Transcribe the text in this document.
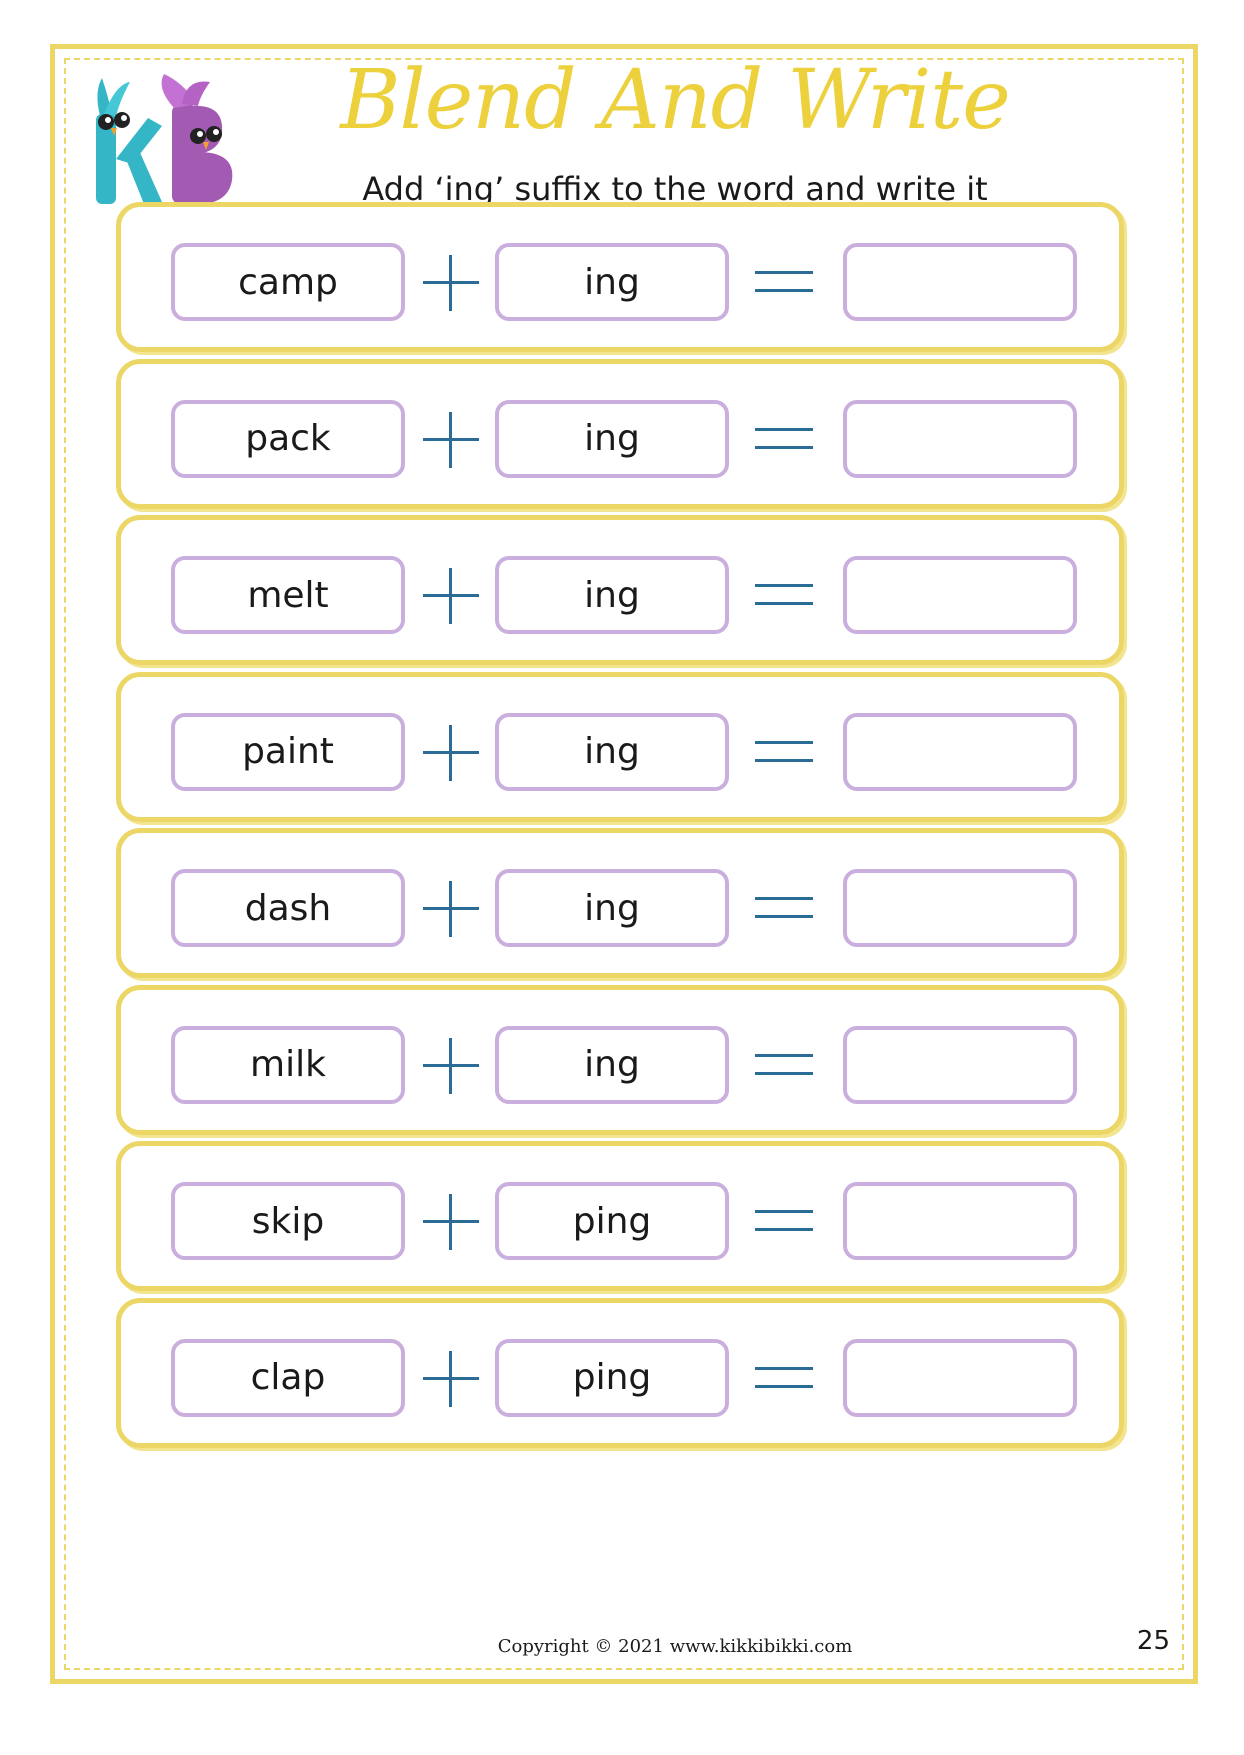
Blend And Write
Add ‘ing’ suffix to the word and write it
camp	ing
pack	ing
melt	ing
paint	ing
dash	ing
milk	ing
skip	ping
clap	ping
Copyright © 2021 www.kikkibikki.com	25
